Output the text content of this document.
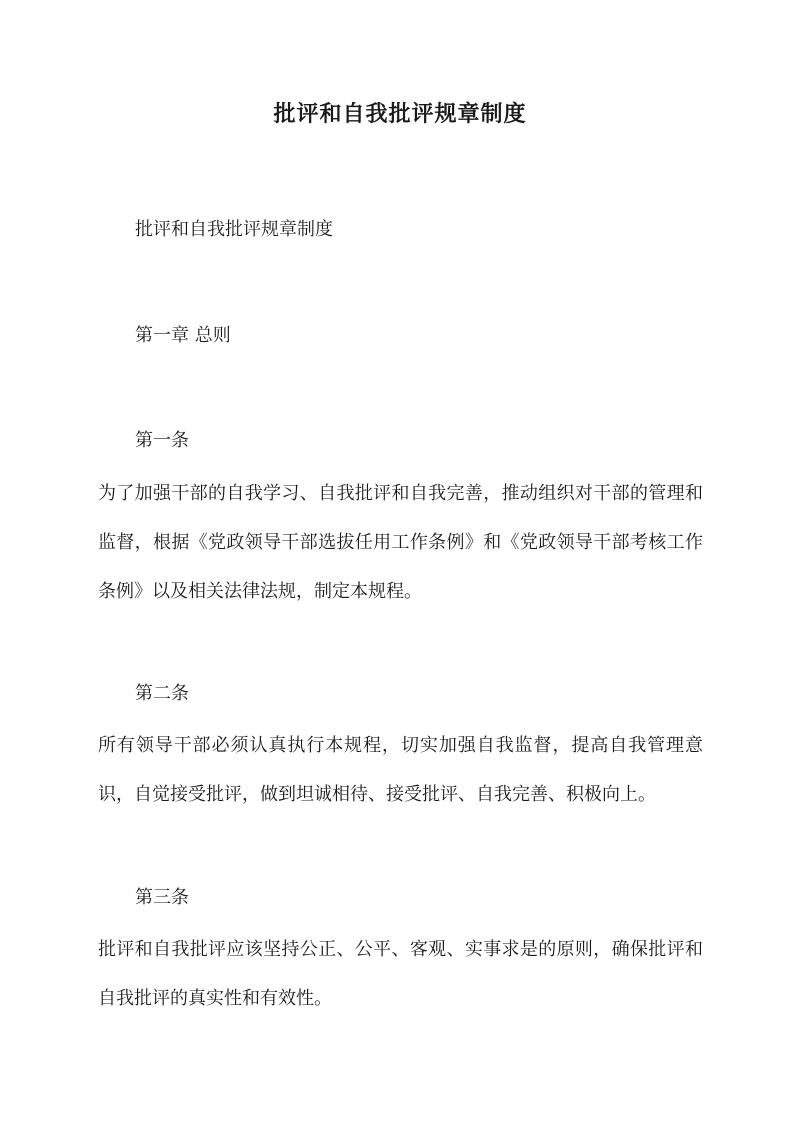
批评和自我批评规章制度
批评和自我批评规章制度
第一章 总则
第一条
为了加强干部的自我学习、自我批评和自我完善，推动组织对干部的管理和监督，根据《党政领导干部选拔任用工作条例》和《党政领导干部考核工作条例》以及相关法律法规，制定本规程。
第二条
所有领导干部必须认真执行本规程，切实加强自我监督，提高自我管理意识，自觉接受批评，做到坦诚相待、接受批评、自我完善、积极向上。
第三条
批评和自我批评应该坚持公正、公平、客观、实事求是的原则，确保批评和自我批评的真实性和有效性。
